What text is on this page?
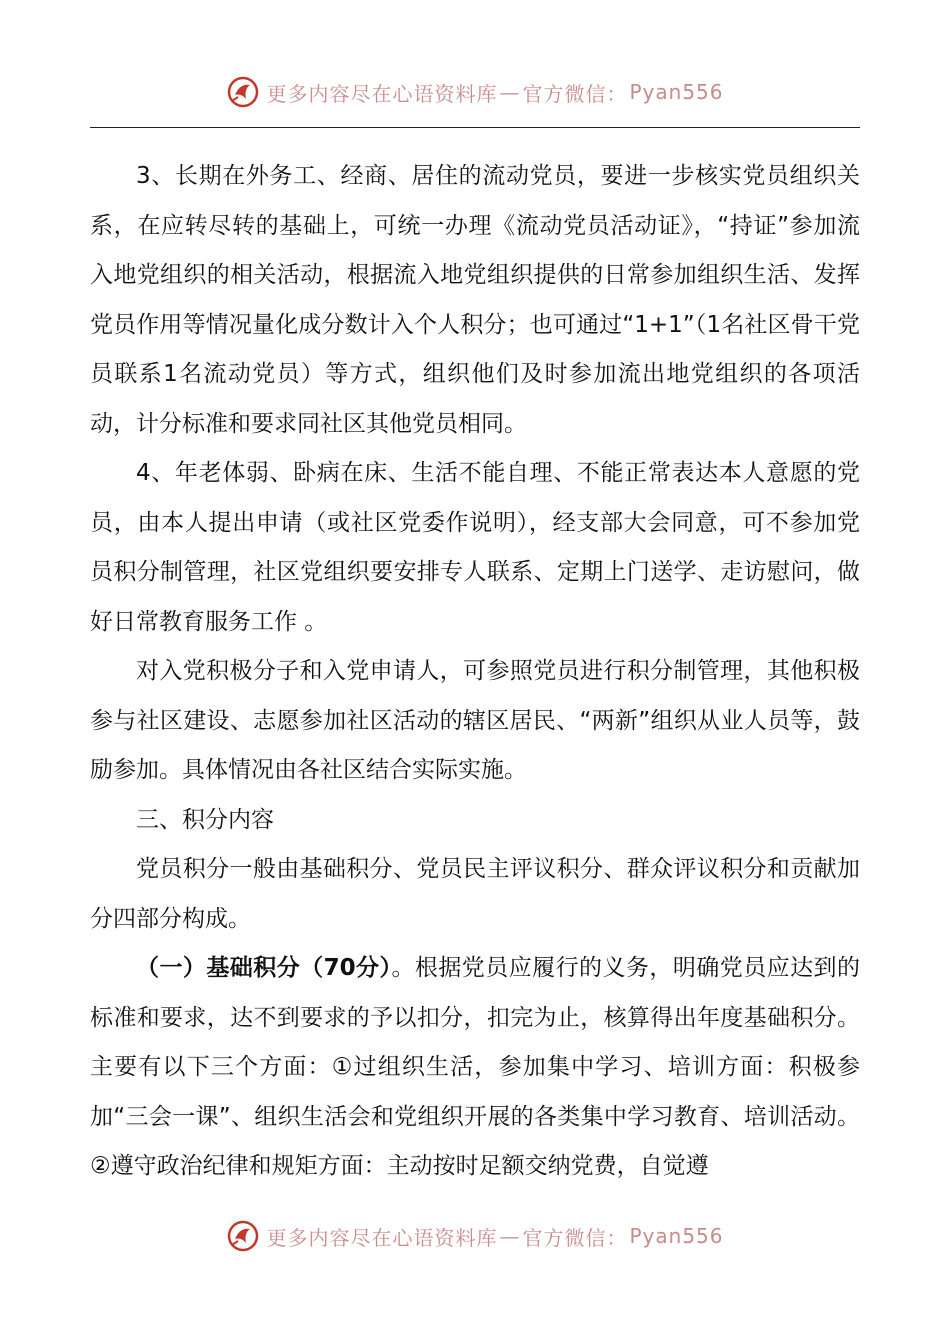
更多内容尽在心语资料库 — 官方微信： Pyan556

3、长期在外务工、经商、居住的流动党员，要进一步核实党员组织关系，在应转尽转的基础上，可统一办理《流动党员活动证》，“持证”参加流入地党组织的相关活动，根据流入地党组织提供的日常参加组织生活、发挥党员作用等情况量化成分数计入个人积分；也可通过“1+1”（1名社区骨干党员联系1名流动党员）等方式，组织他们及时参加流出地党组织的各项活动，计分标准和要求同社区其他党员相同。

4、年老体弱、卧病在床、生活不能自理、不能正常表达本人意愿的党员，由本人提出申请（或社区党委作说明），经支部大会同意，可不参加党员积分制管理，社区党组织要安排专人联系、定期上门送学、走访慰问，做好日常教育服务工作 。

对入党积极分子和入党申请人，可参照党员进行积分制管理，其他积极参与社区建设、志愿参加社区活动的辖区居民、“两新”组织从业人员等，鼓励参加。具体情况由各社区结合实际实施。

三、积分内容

党员积分一般由基础积分、党员民主评议积分、群众评议积分和贡献加分四部分构成。

（一）基础积分（70分）。根据党员应履行的义务，明确党员应达到的标准和要求，达不到要求的予以扣分，扣完为止，核算得出年度基础积分。主要有以下三个方面：①过组织生活，参加集中学习、培训方面：积极参加“三会一课”、组织生活会和党组织开展的各类集中学习教育、培训活动。②遵守政治纪律和规矩方面：主动按时足额交纳党费，自觉遵

更多内容尽在心语资料库 — 官方微信： Pyan556
